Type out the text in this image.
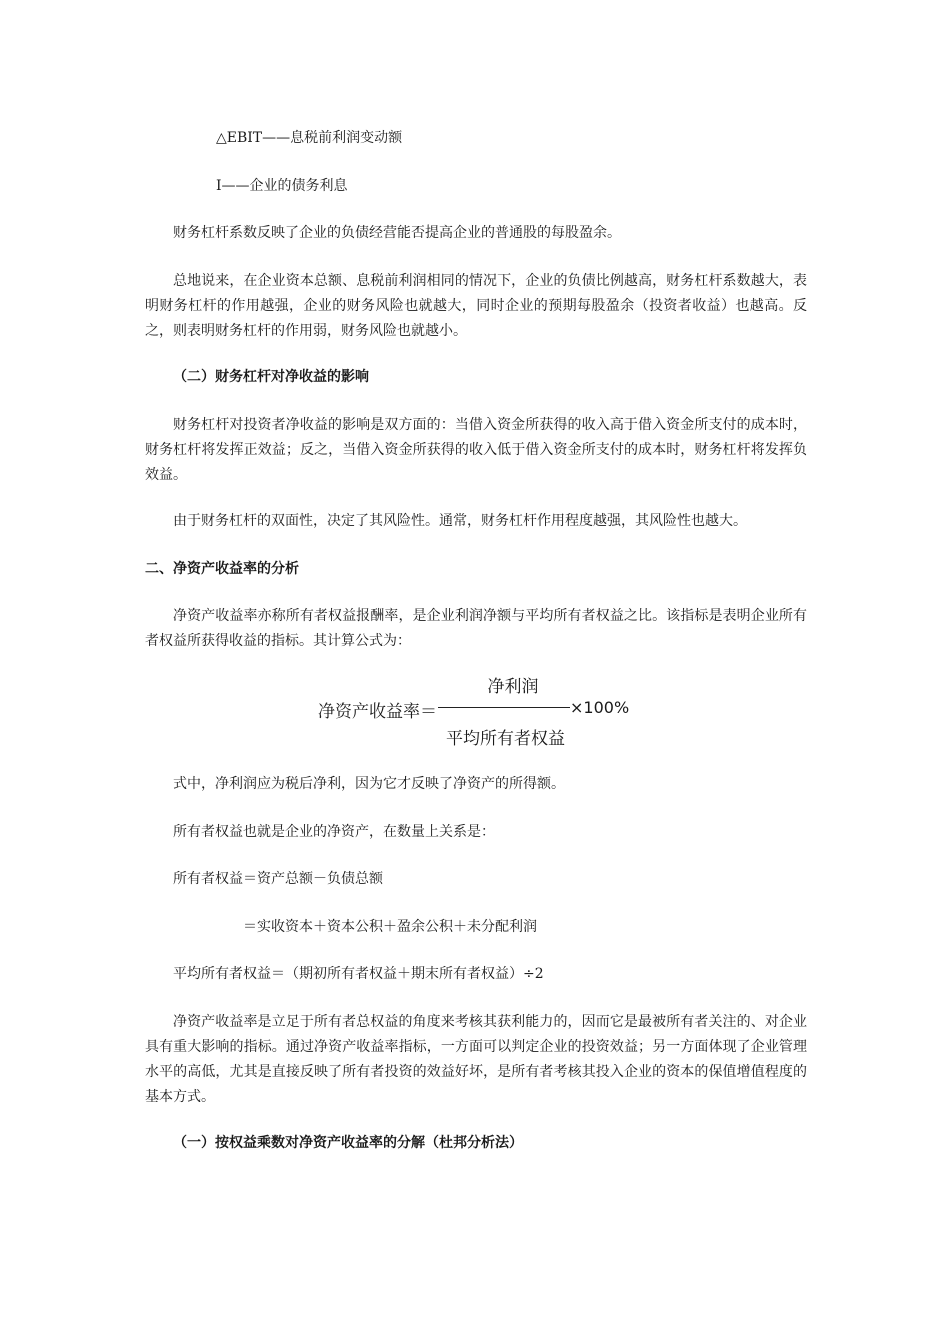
△EBIT——息税前利润变动额

I——企业的债务利息

财务杠杆系数反映了企业的负债经营能否提高企业的普通股的每股盈余。

总地说来，在企业资本总额、息税前利润相同的情况下，企业的负债比例越高，财务杠杆系数越大，表明财务杠杆的作用越强，企业的财务风险也就越大，同时企业的预期每股盈余（投资者收益）也越高。反之，则表明财务杠杆的作用弱，财务风险也就越小。

（二）财务杠杆对净收益的影响

财务杠杆对投资者净收益的影响是双方面的：当借入资金所获得的收入高于借入资金所支付的成本时，财务杠杆将发挥正效益；反之，当借入资金所获得的收入低于借入资金所支付的成本时，财务杠杆将发挥负效益。

由于财务杠杆的双面性，决定了其风险性。通常，财务杠杆作用程度越强，其风险性也越大。

二、净资产收益率的分析

净资产收益率亦称所有者权益报酬率，是企业利润净额与平均所有者权益之比。该指标是表明企业所有者权益所获得收益的指标。其计算公式为：

净资产收益率＝
净利润
平均所有者权益
×100%

式中，净利润应为税后净利，因为它才反映了净资产的所得额。

所有者权益也就是企业的净资产，在数量上关系是：

所有者权益＝资产总额－负债总额

＝实收资本＋资本公积＋盈余公积＋未分配利润

平均所有者权益＝（期初所有者权益＋期末所有者权益）÷2

净资产收益率是立足于所有者总权益的角度来考核其获利能力的，因而它是最被所有者关注的、对企业具有重大影响的指标。通过净资产收益率指标，一方面可以判定企业的投资效益；另一方面体现了企业管理水平的高低，尤其是直接反映了所有者投资的效益好坏，是所有者考核其投入企业的资本的保值增值程度的基本方式。

（一）按权益乘数对净资产收益率的分解（杜邦分析法）
